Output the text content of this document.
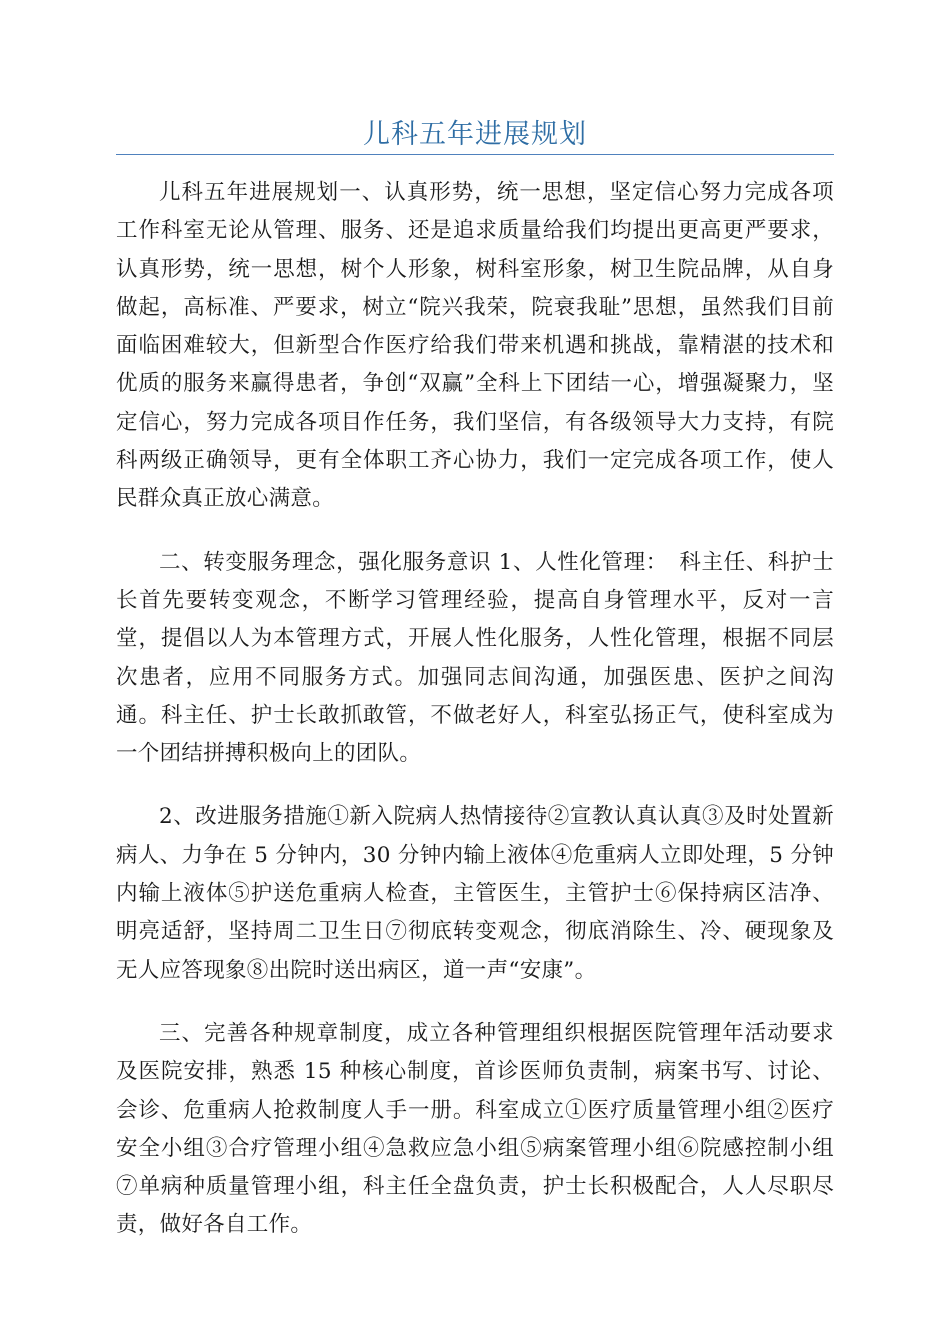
儿科五年进展规划

儿科五年进展规划一、认真形势，统一思想，坚定信心努力完成各项工作科室无论从管理、服务、还是追求质量给我们均提出更高更严要求，认真形势，统一思想，树个人形象，树科室形象，树卫生院品牌，从自身做起，高标准、严要求，树立“院兴我荣，院衰我耻”思想，虽然我们目前面临困难较大，但新型合作医疗给我们带来机遇和挑战，靠精湛的技术和优质的服务来赢得患者，争创“双赢”全科上下团结一心，增强凝聚力，坚定信心，努力完成各项目作任务，我们坚信，有各级领导大力支持，有院科两级正确领导，更有全体职工齐心协力，我们一定完成各项工作，使人民群众真正放心满意。

二、转变服务理念，强化服务意识 1、人性化管理：　科主任、科护士长首先要转变观念，不断学习管理经验，提高自身管理水平，反对一言堂，提倡以人为本管理方式，开展人性化服务，人性化管理，根据不同层次患者，应用不同服务方式。加强同志间沟通，加强医患、医护之间沟通。科主任、护士长敢抓敢管，不做老好人，科室弘扬正气，使科室成为一个团结拼搏积极向上的团队。

2、改进服务措施①新入院病人热情接待②宣教认真认真③及时处置新病人、力争在 5 分钟内，30 分钟内输上液体④危重病人立即处理，5 分钟内输上液体⑤护送危重病人检查，主管医生，主管护士⑥保持病区洁净、明亮适舒，坚持周二卫生日⑦彻底转变观念，彻底消除生、冷、硬现象及无人应答现象⑧出院时送出病区，道一声“安康”。

三、完善各种规章制度，成立各种管理组织根据医院管理年活动要求及医院安排，熟悉 15 种核心制度，首诊医师负责制，病案书写、讨论、会诊、危重病人抢救制度人手一册。科室成立①医疗质量管理小组②医疗安全小组③合疗管理小组④急救应急小组⑤病案管理小组⑥院感控制小组⑦单病种质量管理小组，科主任全盘负责，护士长积极配合，人人尽职尽责，做好各自工作。
